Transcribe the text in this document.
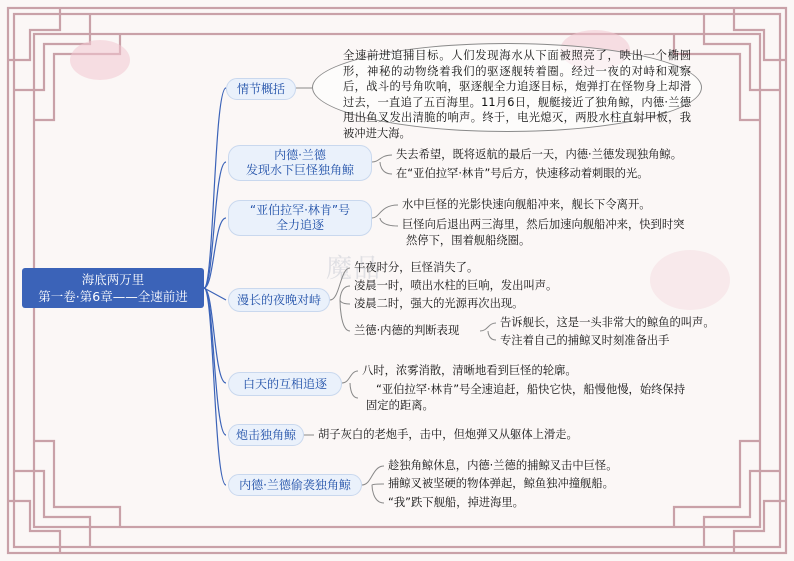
魔品
海底两万里
第一卷·第6章——全速前进
情节概括
全速前进追捕目标。人们发现海水从下面被照亮了，映出一个椭圆形，神秘的动物绕着我们的驱逐舰转着圈。经过一夜的对峙和观察后，战斗的号角吹响，驱逐舰全力追逐目标，炮弹打在怪物身上却滑过去，一直追了五百海里。11月6日，舰艇接近了独角鲸，内德·兰德甩出鱼叉发出清脆的响声。终于，电光熄灭，两股水柱直射甲板，我被冲进大海。
内德·兰德
发现水下巨怪独角鲸
失去希望，既将返航的最后一天，内德·兰德发现独角鲸。
在“亚伯拉罕·林肯”号后方，快速移动着刺眼的光。
“亚伯拉罕·林肯”号
全力追逐
水中巨怪的光影快速向舰船冲来，舰长下令离开。
巨怪向后退出两三海里，然后加速向舰船冲来，快到时突然停下，围着舰船绕圈。
漫长的夜晚对峙
午夜时分，巨怪消失了。
凌晨一时，喷出水柱的巨响，发出叫声。
凌晨二时，强大的光源再次出现。
兰德·内德的判断表现
告诉舰长，这是一头非常大的鲸鱼的叫声。
专注着自己的捕鲸叉时刻准备出手
白天的互相追逐
八时，浓雾消散，清晰地看到巨怪的轮廓。
“亚伯拉罕·林肯”号全速追赶，船快它快，船慢他慢，始终保持固定的距离。
炮击独角鲸	胡子灰白的老炮手，击中，但炮弹又从躯体上滑走。
内德·兰德偷袭独角鲸
趁独角鲸休息，内德·兰德的捕鲸叉击中巨怪。
捕鲸叉被坚硬的物体弹起，鲸鱼独冲撞舰船。
“我”跌下舰船，掉进海里。
